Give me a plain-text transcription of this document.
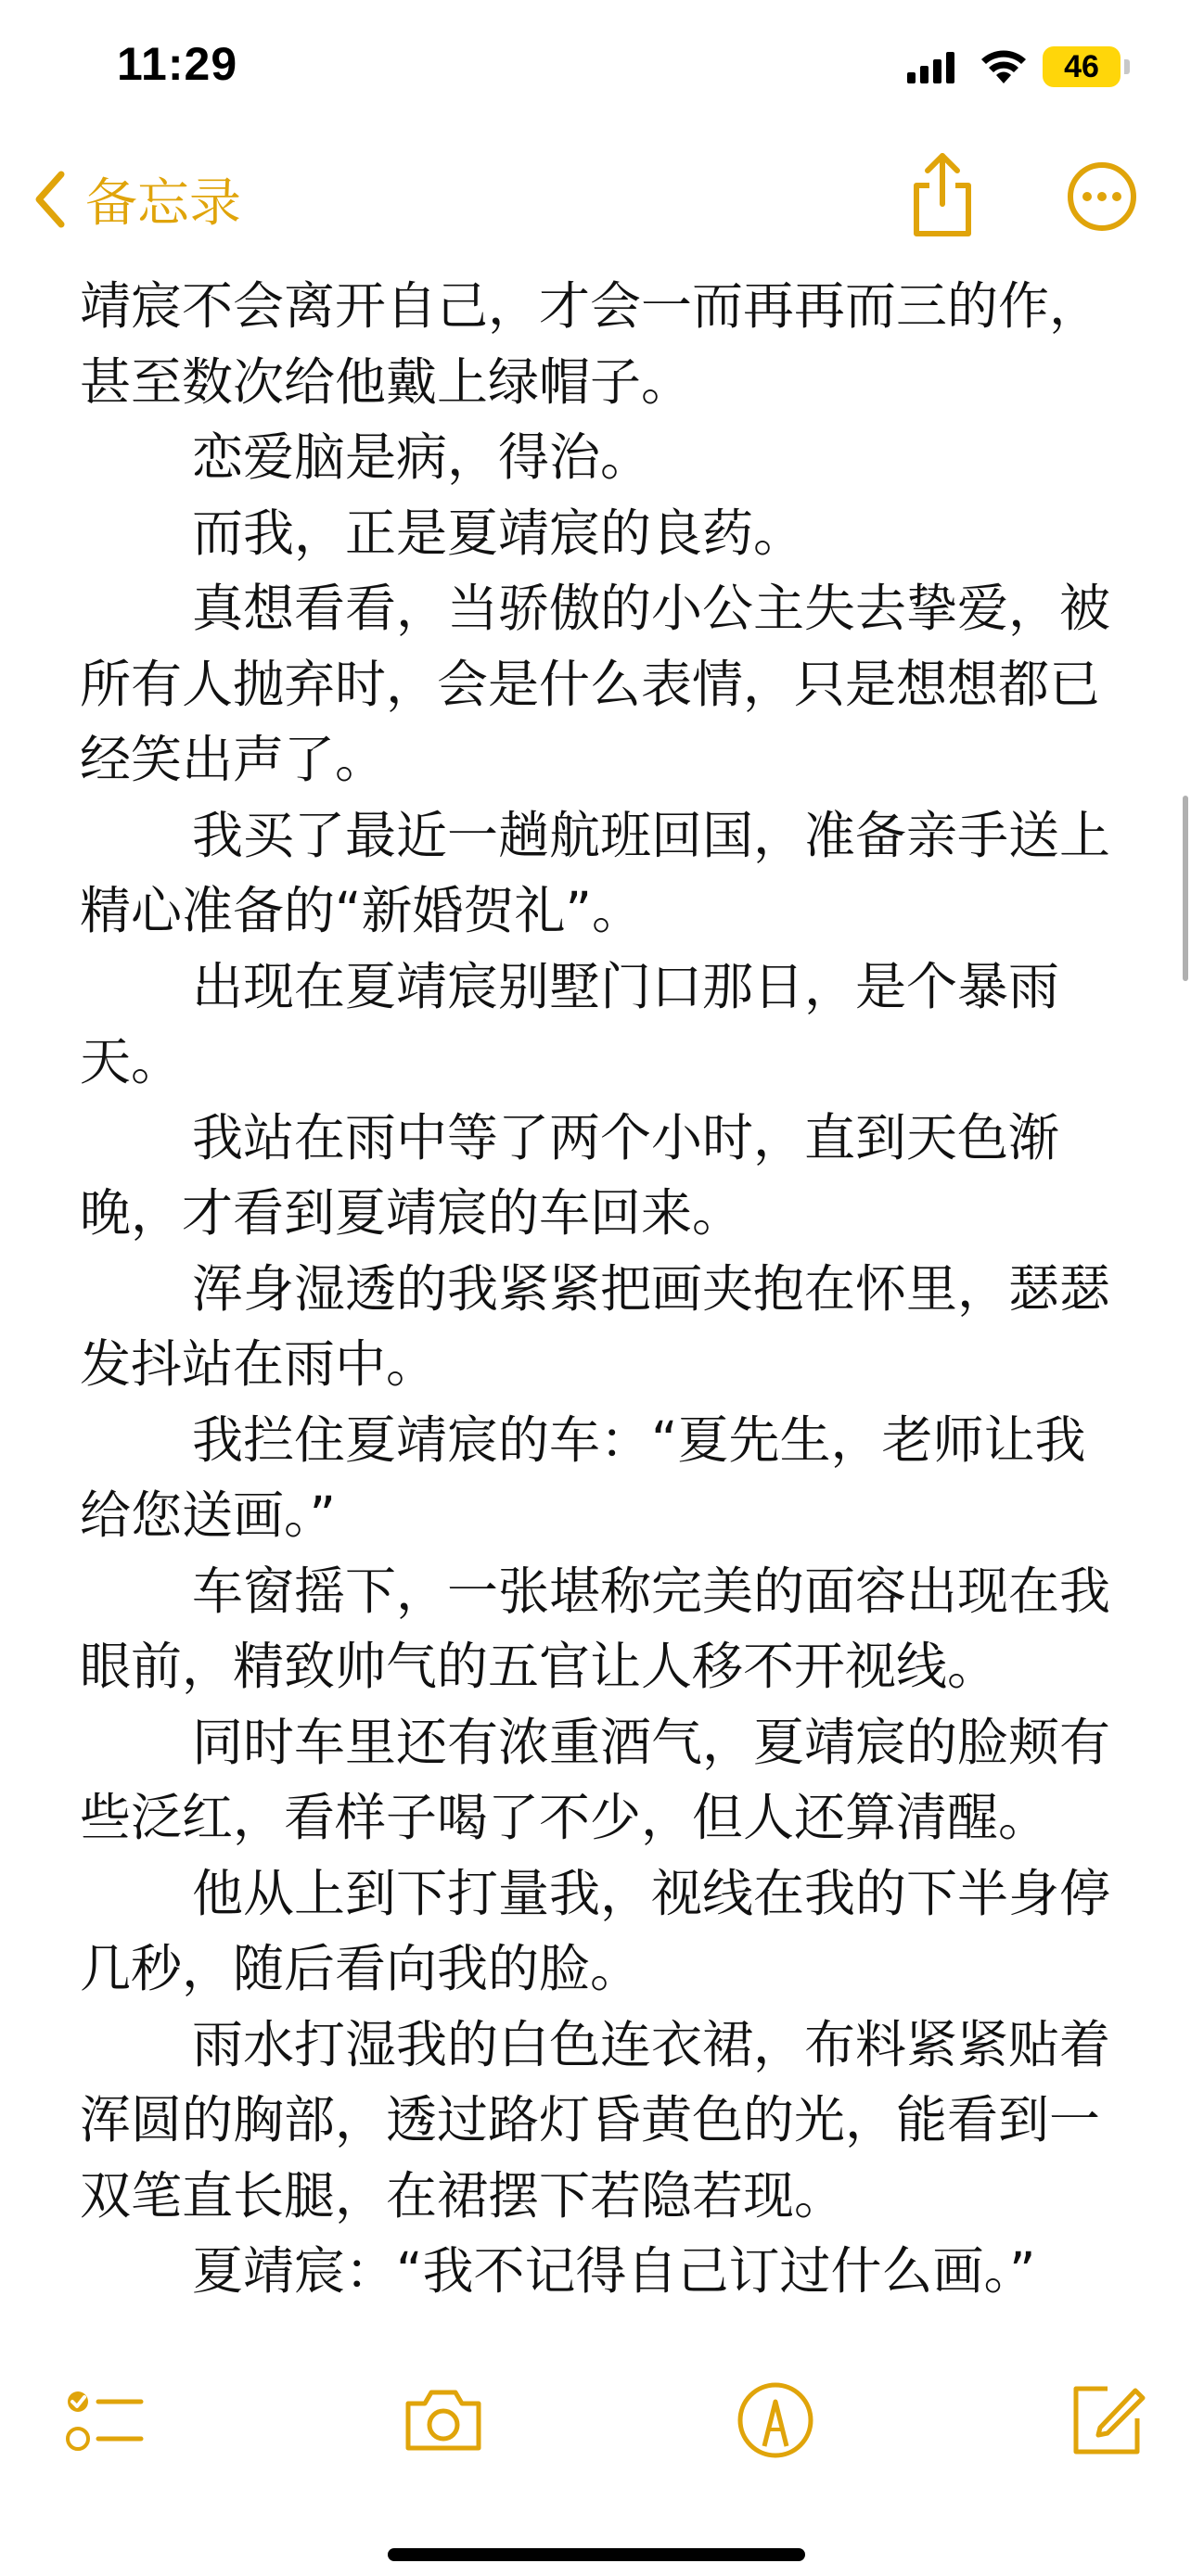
11:29	46
备忘录

靖宸不会离开自己，才会一而再再而三的作，甚至数次给他戴上绿帽子。

恋爱脑是病，得治。

而我，正是夏靖宸的良药。

真想看看，当骄傲的小公主失去挚爱，被所有人抛弃时，会是什么表情，只是想想都已经笑出声了。

我买了最近一趟航班回国，准备亲手送上精心准备的“新婚贺礼”。

出现在夏靖宸别墅门口那日，是个暴雨天。

我站在雨中等了两个小时，直到天色渐晚，才看到夏靖宸的车回来。

浑身湿透的我紧紧把画夹抱在怀里，瑟瑟发抖站在雨中。

我拦住夏靖宸的车：“夏先生，老师让我给您送画。”

车窗摇下，一张堪称完美的面容出现在我眼前，精致帅气的五官让人移不开视线。

同时车里还有浓重酒气，夏靖宸的脸颊有些泛红，看样子喝了不少，但人还算清醒。

他从上到下打量我，视线在我的下半身停几秒，随后看向我的脸。

雨水打湿我的白色连衣裙，布料紧紧贴着浑圆的胸部，透过路灯昏黄色的光，能看到一双笔直长腿，在裙摆下若隐若现。

夏靖宸：“我不记得自己订过什么画。”
